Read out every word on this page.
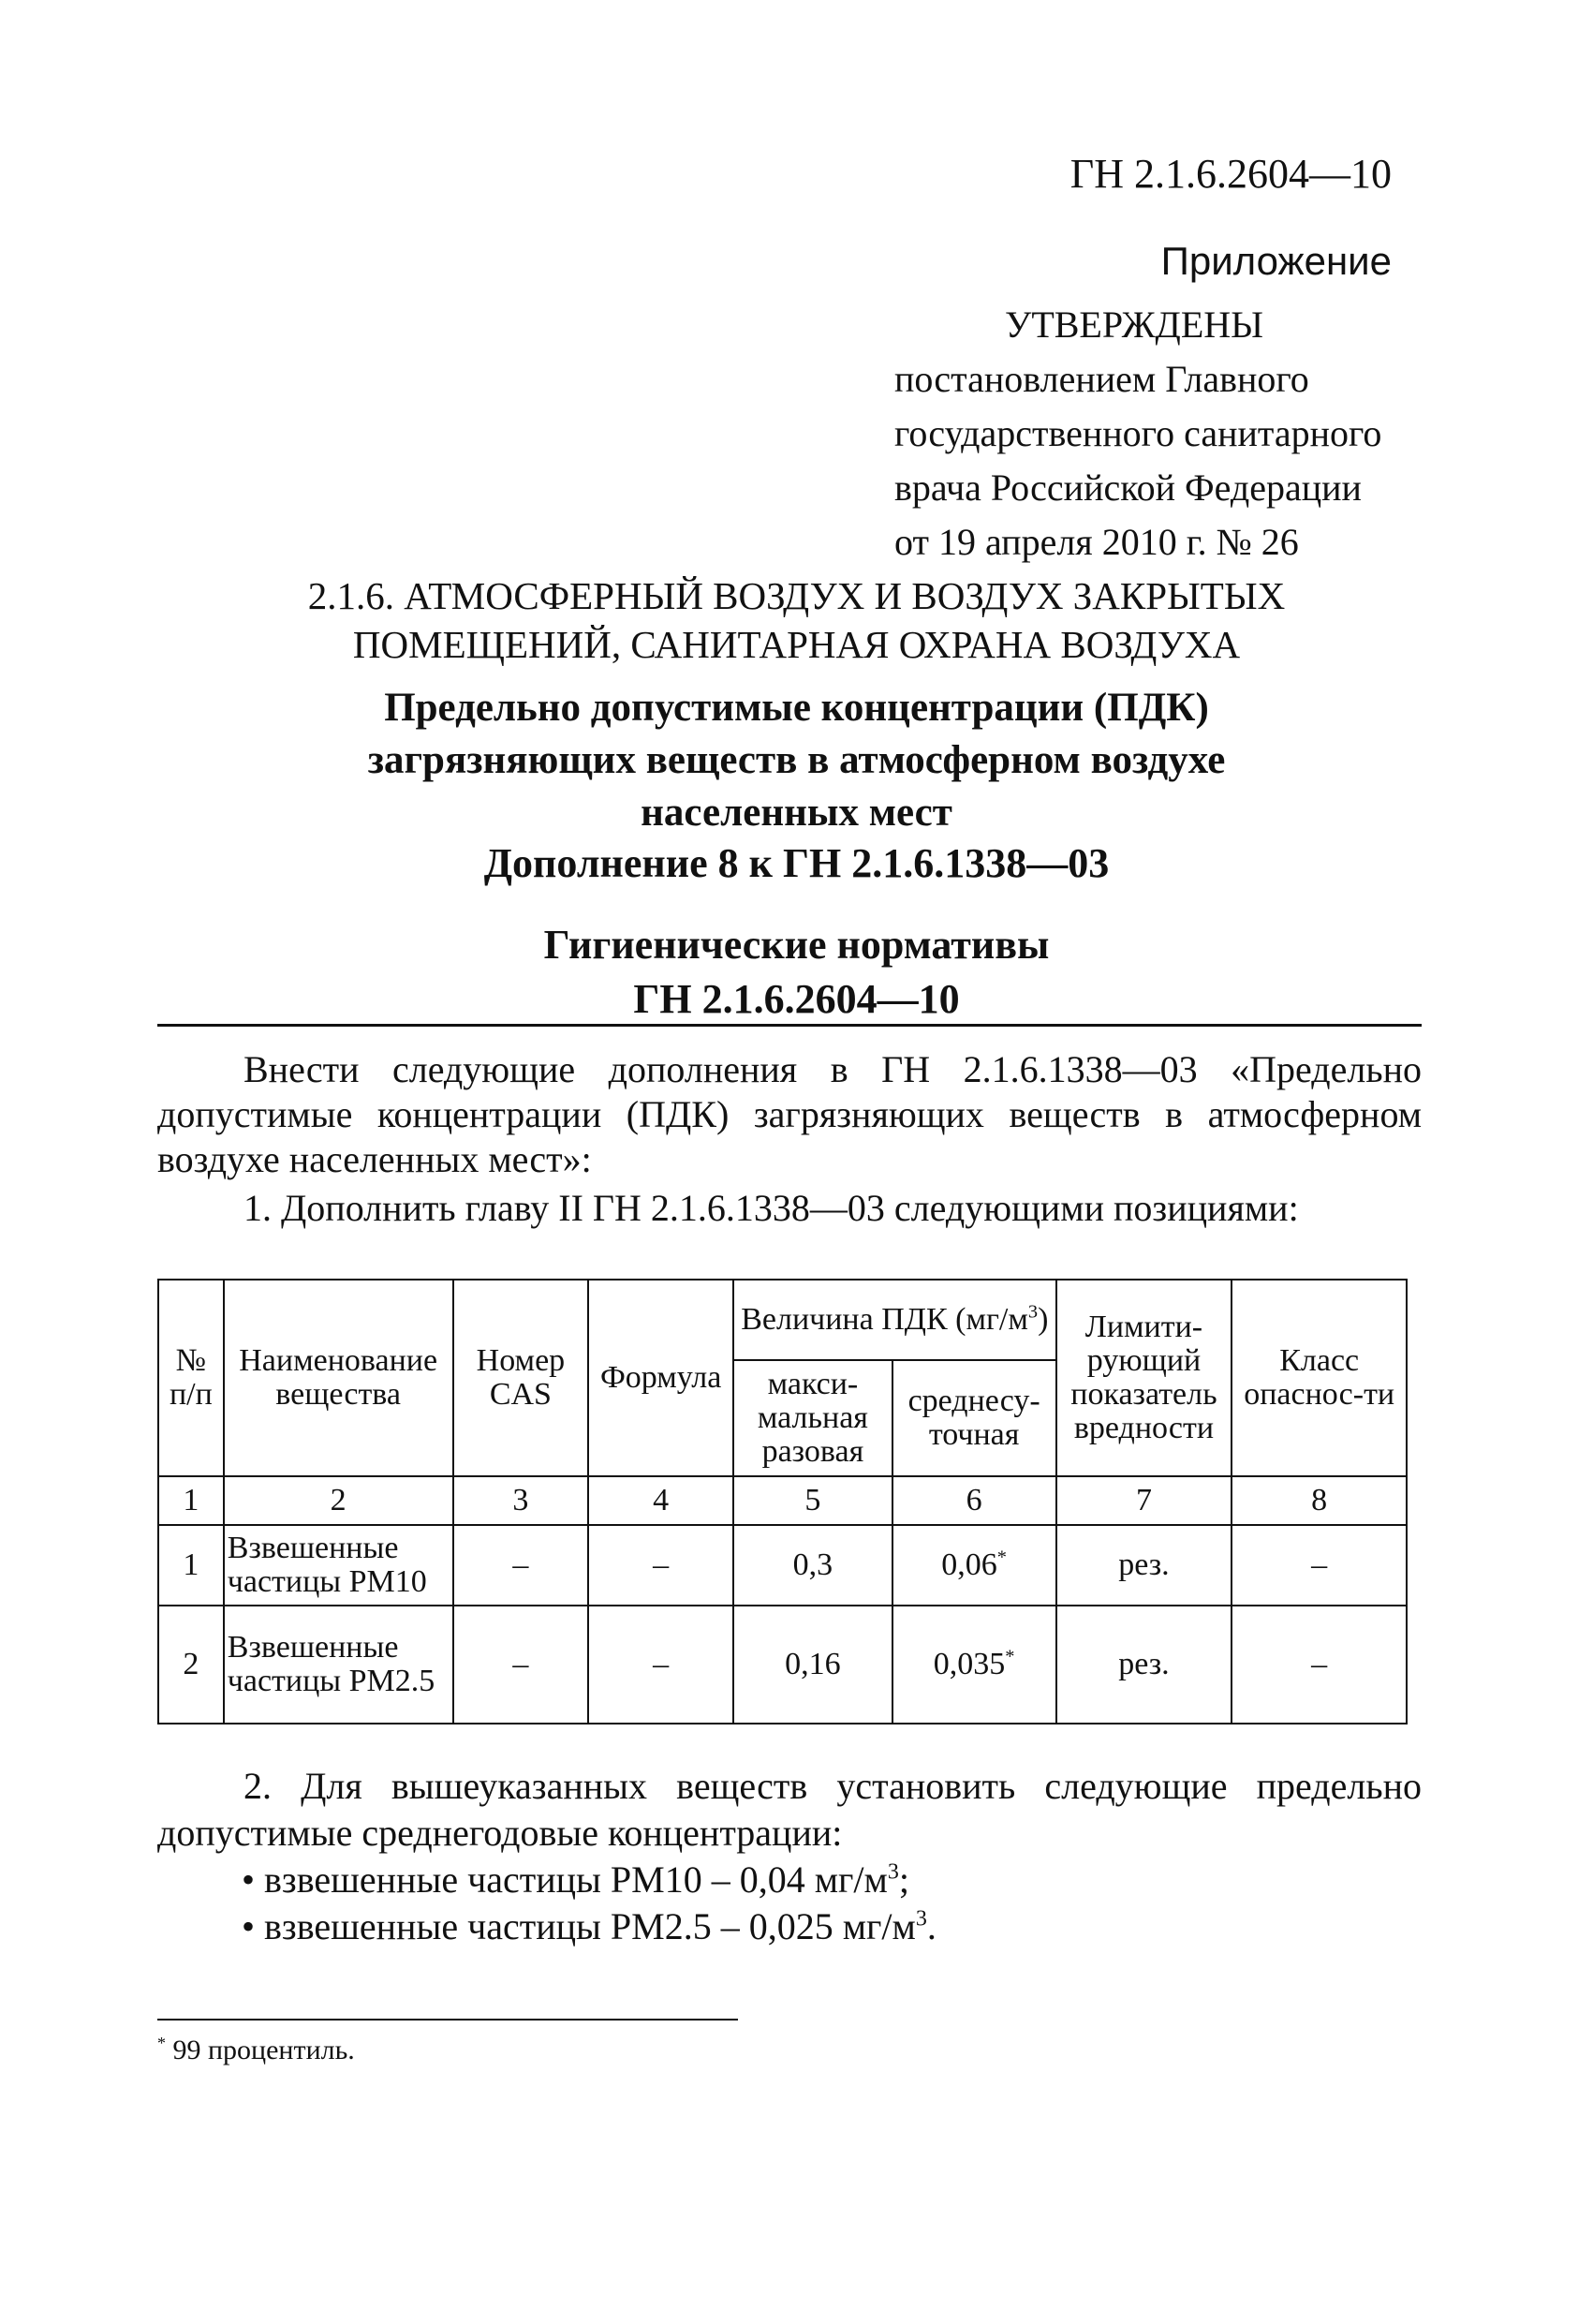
ГН 2.1.6.2604—10
Приложение
УТВЕРЖДЕНЫ
постановлением Главного
государственного санитарного
врача Российской Федерации
от 19 апреля 2010 г. № 26
2.1.6. АТМОСФЕРНЫЙ ВОЗДУХ И ВОЗДУХ ЗАКРЫТЫХ
ПОМЕЩЕНИЙ, САНИТАРНАЯ ОХРАНА ВОЗДУХА
Предельно допустимые концентрации (ПДК)
загрязняющих веществ в атмосферном воздухе
населенных мест
Дополнение 8 к ГН 2.1.6.1338—03
Гигиенические нормативы
ГН 2.1.6.2604—10
Внести следующие дополнения в ГН 2.1.6.1338—03 «Предельно допустимые концентрации (ПДК) загрязняющих веществ в атмосферном воздухе населенных мест»:
1. Дополнить главу II ГН 2.1.6.1338—03 следующими позициями:
№ п/п	Наименование вещества	Номер CAS	Формула	Величина ПДК $(мг/м^3)$		Лимити-рующий показатель вредности	Класс опаснос-ти
				макси-мальная разовая	среднесу-точная		
1	2	3	4	5	6	7	8
1	Взвешенные частицы РМ10	–	–	0,3	0,06*	рез.	–
2	Взвешенные частицы РМ2.5	–	–	0,16	0,035*	рез.	–
2. Для вышеуказанных веществ установить следующие предельно допустимые среднегодовые концентрации:
• взвешенные частицы РМ10 – 0,04 $мг/м^3$;
• взвешенные частицы РМ2.5 – 0,025 $мг/м^3$.
* 99 процентиль.
